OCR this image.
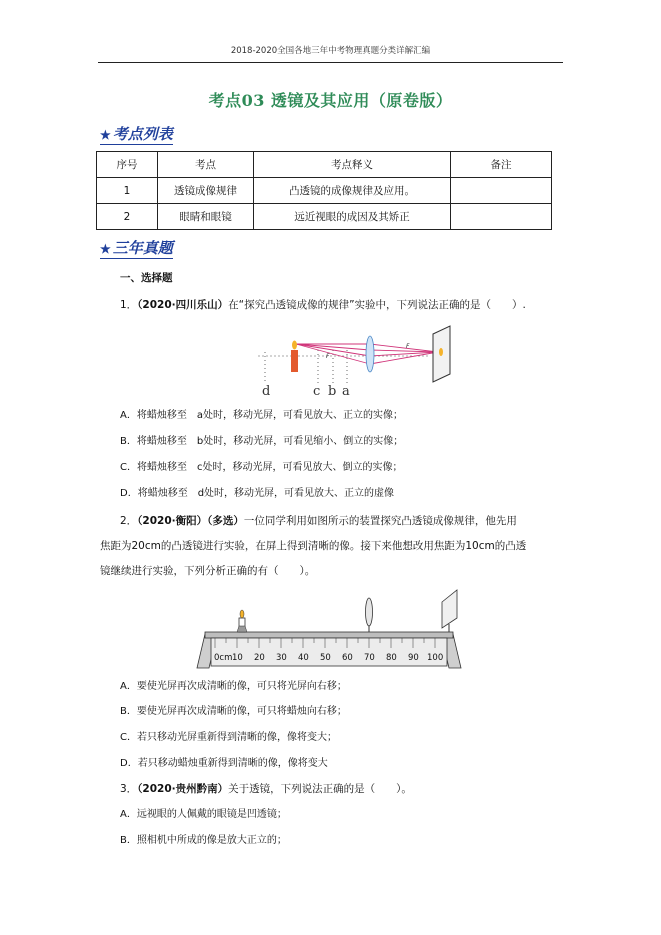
2018-2020全国各地三年中考物理真题分类详解汇编
考点03 透镜及其应用（原卷版）
★ 考点列表
序号	考点	考点释义	备注
1	透镜成像规律	凸透镜的成像规律及应用。	
2	眼睛和眼镜	远近视眼的成因及其矫正	
★ 三年真题
一、选择题
1．（2020·四川乐山）在“探究凸透镜成像的规律”实验中，下列说法正确的是（　　）.
d	c b a
F
F
A．将蜡烛移至　a处时，移动光屏，可看见放大、正立的实像；
B．将蜡烛移至　b处时，移动光屏，可看见缩小、倒立的实像；
C．将蜡烛移至　c处时，移动光屏，可看见放大、倒立的实像；
D．将蜡烛移至　d处时，移动光屏，可看见放大、正立的虚像
2．（2020·衡阳）（多选）一位同学利用如图所示的装置探究凸透镜成像规律，他先用
焦距为20cm的凸透镜进行实验，在屏上得到清晰的像。接下来他想改用焦距为10cm的凸透
镜继续进行实验，下列分析正确的有（　　）。
0cm 10 20 30 40 50 60 70 80 90 100
A．要使光屏再次成清晰的像，可只将光屏向右移；
B．要使光屏再次成清晰的像，可只将蜡烛向右移；
C．若只移动光屏重新得到清晰的像，像将变大；
D．若只移动蜡烛重新得到清晰的像，像将变大
3．（2020·贵州黔南）关于透镜，下列说法正确的是（　　）。
A．远视眼的人佩戴的眼镜是凹透镜；
B．照相机中所成的像是放大正立的；
